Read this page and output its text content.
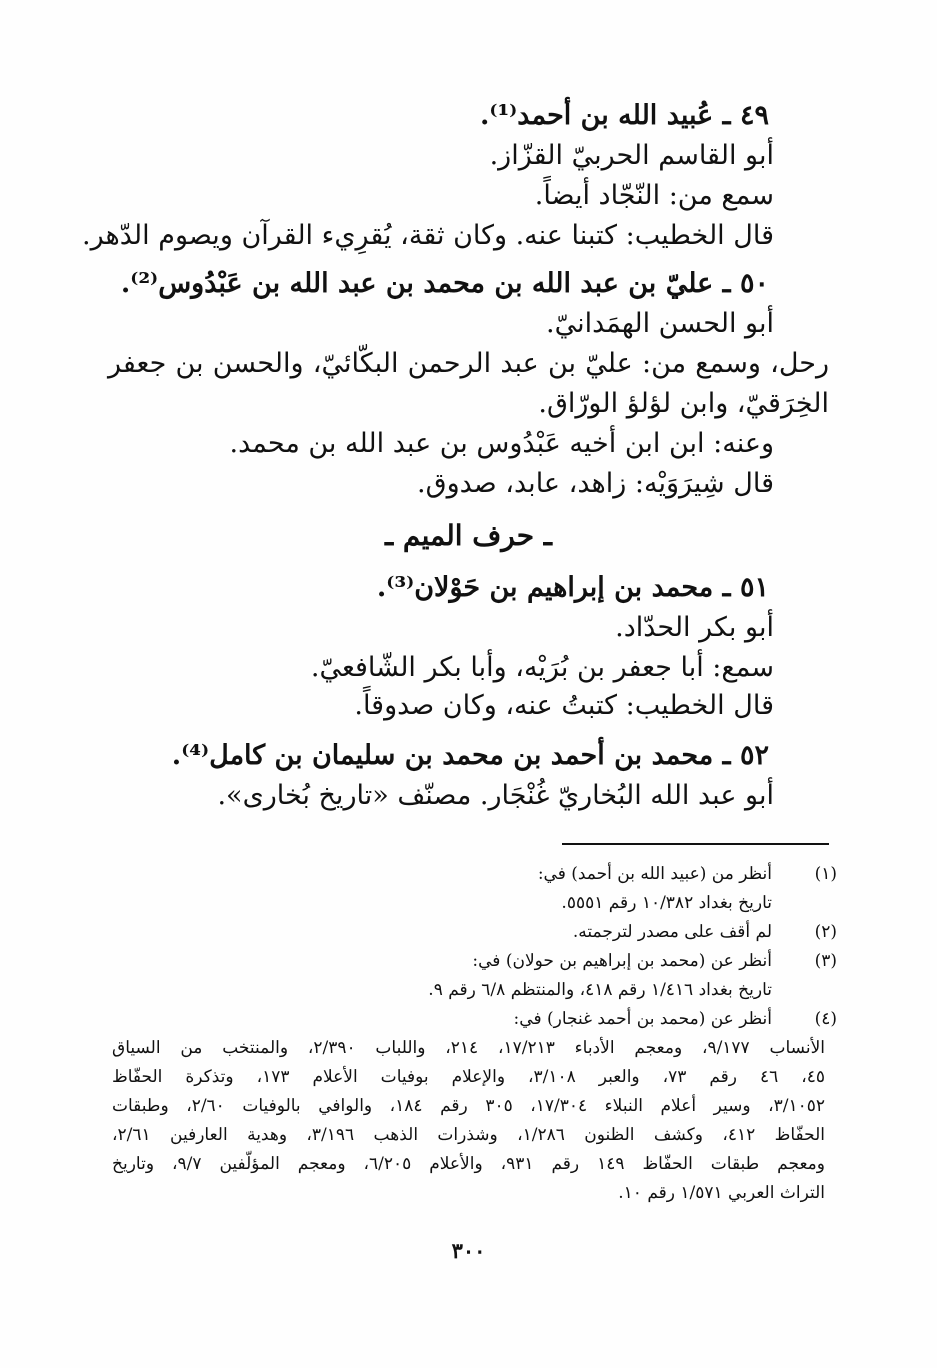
٤٩ ـ عُبيد الله بن أحمد⁽¹⁾.
أبو القاسم الحربيّ القزّاز.
سمع من: النّجّاد أيضاً.
قال الخطيب: كتبنا عنه. وكان ثقة، يُقرِيء القرآن ويصوم الدّهر.
٥٠ ـ عليّ بن عبد الله بن محمد بن عبد الله بن عَبْدُوس⁽²⁾.
أبو الحسن الهمَدانيّ.
رحل، وسمع من: عليّ بن عبد الرحمن البكّائيّ، والحسن بن جعفر
الخِرَقيّ، وابن لؤلؤ الورّاق.
وعنه: ابن ابن أخيه عَبْدُوس بن عبد الله بن محمد.
قال شِيرَوَيْه: زاهد، عابد، صدوق.
ـ حرف الميم ـ
٥١ ـ محمد بن إبراهيم بن حَوْلان⁽³⁾.
أبو بكر الحدّاد.
سمع: أبا جعفر بن بُرَيْه، وأبا بكر الشّافعيّ.
قال الخطيب: كتبتُ عنه، وكان صدوقاً.
٥٢ ـ محمد بن أحمد بن محمد بن سليمان بن كامل⁽⁴⁾.
أبو عبد الله البُخاريّ غُنْجَار. مصنّف «تاريخ بُخارى».
(١)
أنظر من (عبيد الله بن أحمد) في:
تاريخ بغداد ١٠/٣٨٢ رقم ٥٥٥١.
(٢)
لم أقف على مصدر لترجمته.
(٣)
أنظر عن (محمد بن إبراهيم بن حولان) في:
تاريخ بغداد ١/٤١٦ رقم ٤١٨، والمنتظم ٦/٨ رقم ٩.
(٤)
أنظر عن (محمد بن أحمد غنجار) في:
الأنساب ٩/١٧٧، ومعجم الأدباء ١٧/٢١٣، ٢١٤، واللباب ٢/٣٩٠، والمنتخب من السياق
٤٥، ٤٦ رقم ٧٣، والعبر ٣/١٠٨، والإعلام بوفيات الأعلام ١٧٣، وتذكرة الحفّاظ
٣/١٠٥٢، وسير أعلام النبلاء ١٧/٣٠٤، ٣٠٥ رقم ١٨٤، والوافي بالوفيات ٢/٦٠، وطبقات
الحفّاظ ٤١٢، وكشف الظنون ١/٢٨٦، وشذرات الذهب ٣/١٩٦، وهدية العارفين ٢/٦١،
ومعجم طبقات الحفّاظ ١٤٩ رقم ٩٣١، والأعلام ٦/٢٠٥، ومعجم المؤلّفين ٩/٧، وتاريخ
التراث العربي ١/٥٧١ رقم ١٠.
٣٠٠
